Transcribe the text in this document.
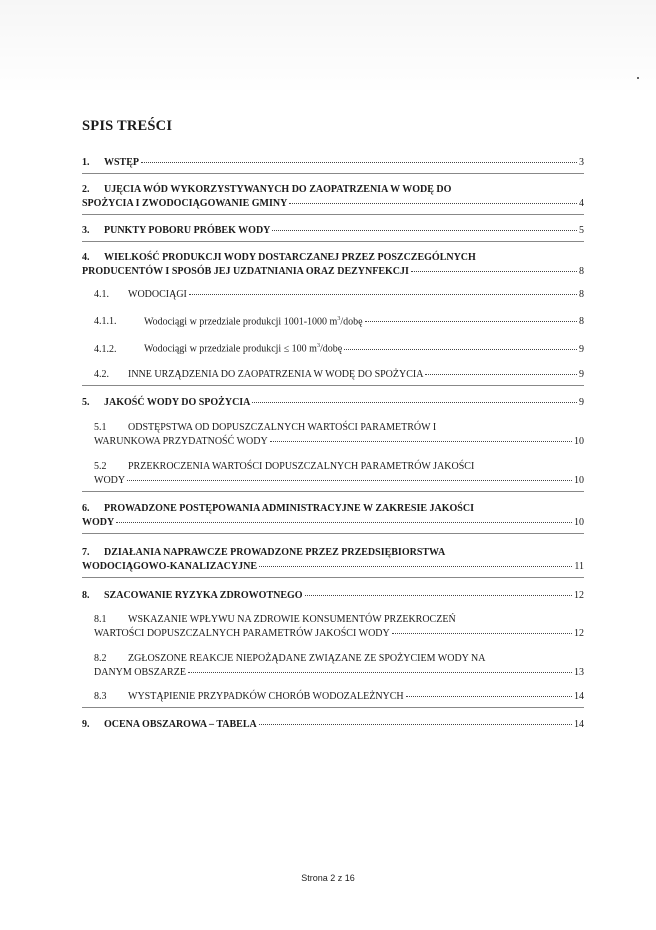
SPIS TREŚCI
1.	WSTĘP	3
2. UJĘCIA WÓD WYKORZYSTYWANYCH DO ZAOPATRZENIA W WODĘ DO
SPOŻYCIA I ZWODOCIĄGOWANIE GMINY	4
3.	PUNKTY POBORU PRÓBEK WODY	5
4. WIELKOŚĆ PRODUKCJI WODY DOSTARCZANEJ PRZEZ POSZCZEGÓLNYCH
PRODUCENTÓW I SPOSÓB JEJ UZDATNIANIA ORAZ DEZYNFEKCJI	8
4.1.	WODOCIĄGI	8
4.1.1.	Wodociągi w przedziale produkcji 1001-1000 $m^3$/dobę	8
4.1.2.	Wodociągi w przedziale produkcji ≤ 100 $m^3$/dobę	9
4.2.	INNE URZĄDZENIA DO ZAOPATRZENIA W WODĘ DO SPOŻYCIA	9
5.	JAKOŚĆ WODY DO SPOŻYCIA	9
5.1 ODSTĘPSTWA OD DOPUSZCZALNYCH WARTOŚCI PARAMETRÓW I
WARUNKOWA PRZYDATNOŚĆ WODY	10
5.2 PRZEKROCZENIA WARTOŚCI DOPUSZCZALNYCH PARAMETRÓW JAKOŚCI
WODY	10
6. PROWADZONE POSTĘPOWANIA ADMINISTRACYJNE W ZAKRESIE JAKOŚCI
WODY	10
7. DZIAŁANIA NAPRAWCZE PROWADZONE PRZEZ PRZEDSIĘBIORSTWA
WODOCIĄGOWO-KANALIZACYJNE	11
8.	SZACOWANIE RYZYKA ZDROWOTNEGO	12
8.1 WSKAZANIE WPŁYWU NA ZDROWIE KONSUMENTÓW PRZEKROCZEŃ
WARTOŚCI DOPUSZCZALNYCH PARAMETRÓW JAKOŚCI WODY	12
8.2 ZGŁOSZONE REAKCJE NIEPOŻĄDANE ZWIĄZANE ZE SPOŻYCIEM WODY NA
DANYM OBSZARZE	13
8.3	WYSTĄPIENIE PRZYPADKÓW CHORÓB WODOZALEŻNYCH	14
9.	OCENA OBSZAROWA – TABELA	14
Strona 2 z 16
